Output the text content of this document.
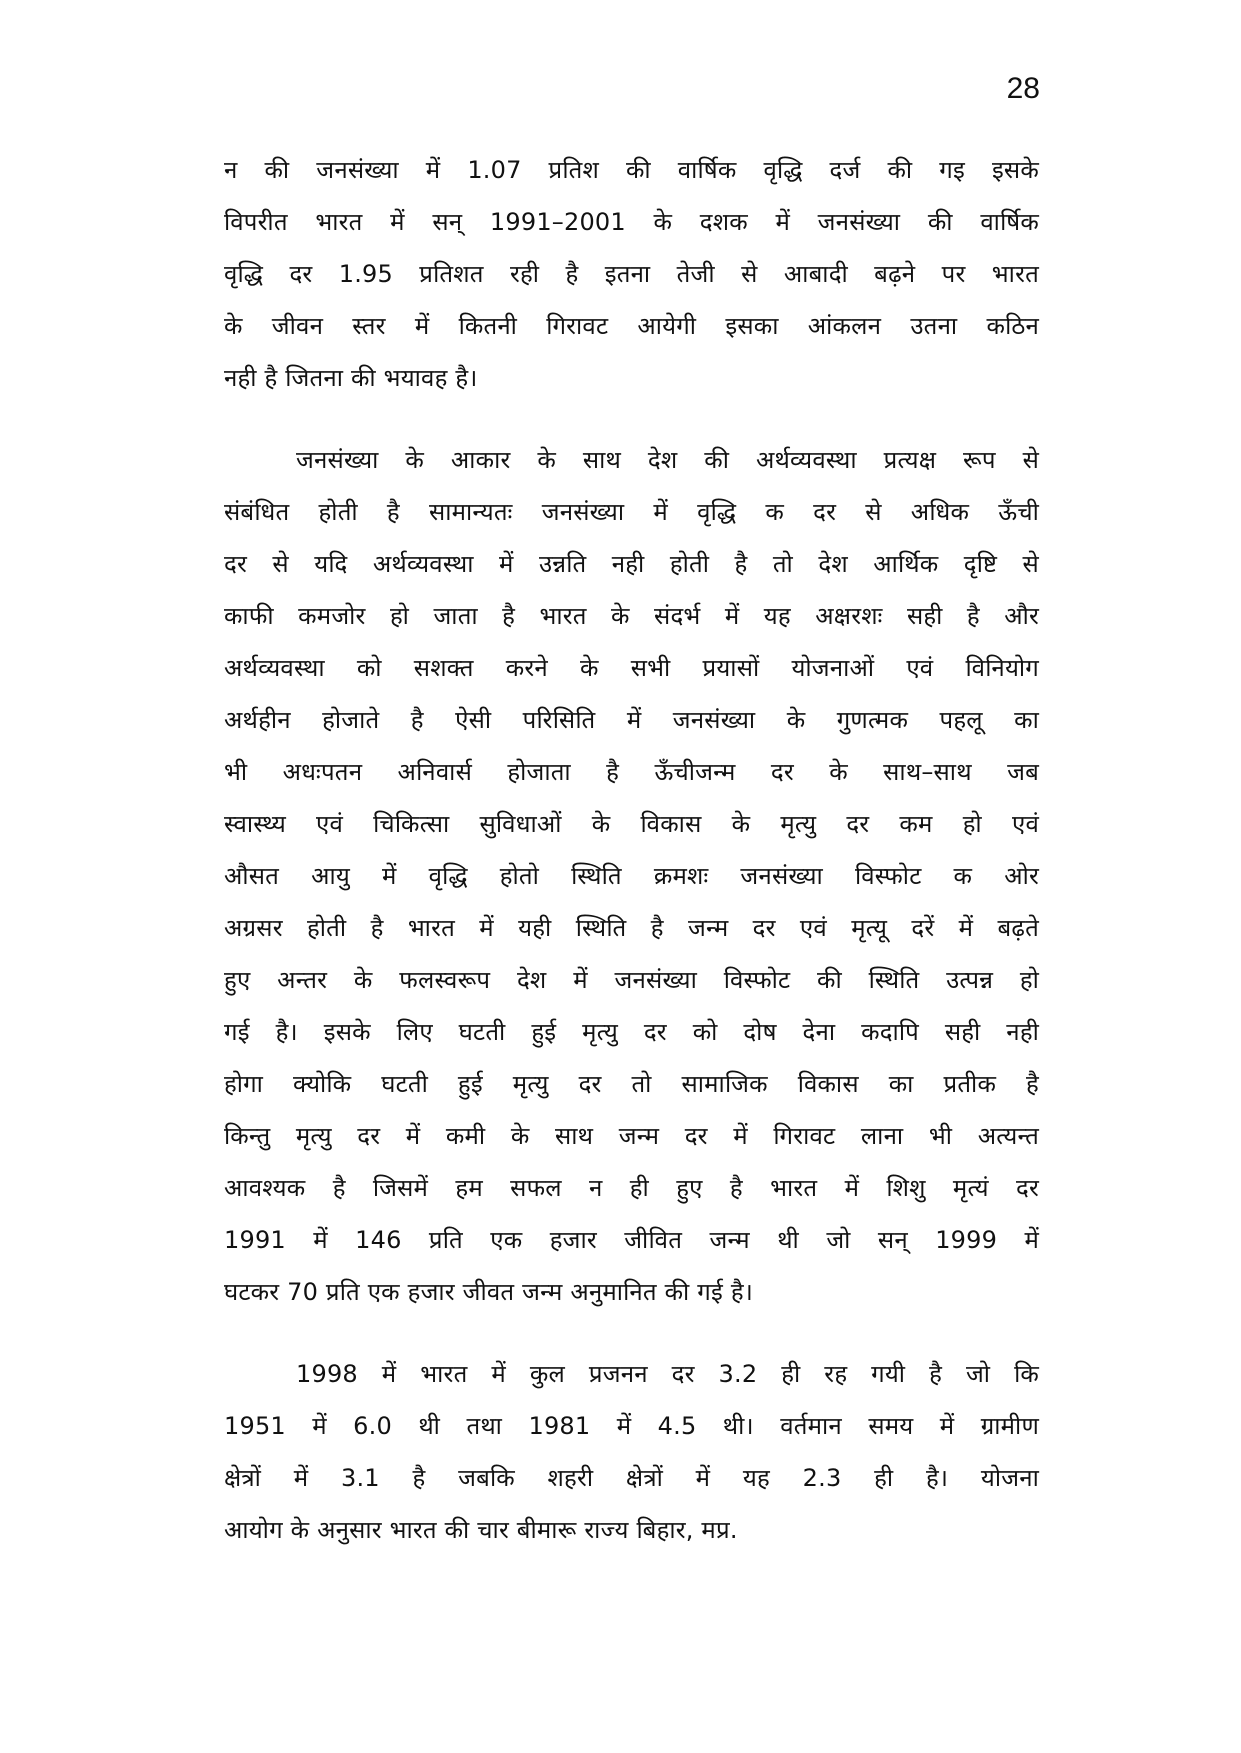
28
न की जनसंख्या में 1.07 प्रतिश की वार्षिक वृद्धि दर्ज की गइ इसके
विपरीत भारत में सन् 1991–2001 के दशक में जनसंख्या की वार्षिक
वृद्धि दर 1.95 प्रतिशत रही है इतना तेजी से आबादी बढ़ने पर भारत
के जीवन स्तर में कितनी गिरावट आयेगी इसका आंकलन उतना कठिन
नही है जितना की भयावह है।
जनसंख्या के आकार के साथ देश की अर्थव्यवस्था प्रत्यक्ष रूप से
संबंधित होती है सामान्यतः जनसंख्या में वृद्धि क दर से अधिक ऊँची
दर से यदि अर्थव्यवस्था में उन्नति नही होती है तो देश आर्थिक दृष्टि से
काफी कमजोर हो जाता है भारत के संदर्भ में यह अक्षरशः सही है और
अर्थव्यवस्था को सशक्त करने के सभी प्रयासों योजनाओं एवं विनियोग
अर्थहीन होजाते है ऐसी परिसिति में जनसंख्या के गुणत्मक पहलू का
भी अधःपतन अनिवार्स होजाता है ऊँचीजन्म दर के साथ–साथ जब
स्वास्थ्य एवं चिकित्सा सुविधाओं के विकास के मृत्यु दर कम हो एवं
औसत आयु में वृद्धि होतो स्थिति क्रमशः जनसंख्या विस्फोट क ओर
अग्रसर होती है भारत में यही स्थिति है जन्म दर एवं मृत्यू दरें में बढ़ते
हुए अन्तर के फलस्वरूप देश में जनसंख्या विस्फोट की स्थिति उत्पन्न हो
गई है। इसके लिए घटती हुई मृत्यु दर को दोष देना कदापि सही नही
होगा क्योकि घटती हुई मृत्यु दर तो सामाजिक विकास का प्रतीक है
किन्तु मृत्यु दर में कमी के साथ जन्म दर में गिरावट लाना भी अत्यन्त
आवश्यक है जिसमें हम सफल न ही हुए है भारत में शिशु मृत्यं दर
1991 में 146 प्रति एक हजार जीवित जन्म थी जो सन् 1999 में
घटकर 70 प्रति एक हजार जीवत जन्म अनुमानित की गई है।
1998 में भारत में कुल प्रजनन दर 3.2 ही रह गयी है जो कि
1951 में 6.0 थी तथा 1981 में 4.5 थी। वर्तमान समय में ग्रामीण
क्षेत्रों में 3.1 है जबकि शहरी क्षेत्रों में यह 2.3 ही है। योजना
आयोग के अनुसार भारत की चार बीमारू राज्य बिहार, मप्र.
